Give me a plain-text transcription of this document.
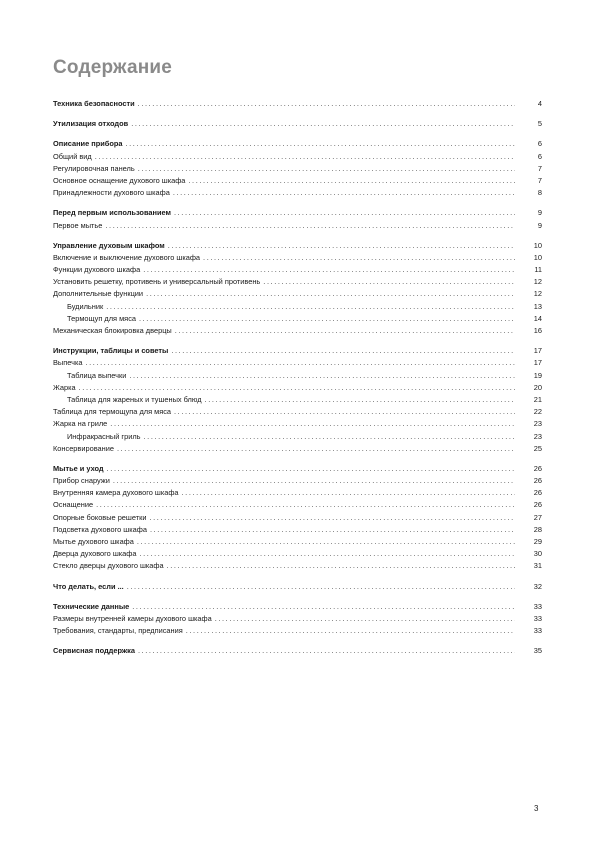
Содержание
Техника безопасности .....	4
Утилизация отходов .....	5
Описание прибора .....	6
Общий вид .....	6
Регулировочная панель .....	7
Основное оснащение духового шкафа .....	7
Принадлежности духового шкафа .....	8
Перед первым использованием .....	9
Первое мытье .....	9
Управление духовым шкафом .....	10
Включение и выключение духового шкафа .....	10
Функции духового шкафа .....	11
Установить решетку, противень и универсальный противень .....	12
Дополнительные функции .....	12
Будильник .....	13
Термощуп для мяса .....	14
Механическая блокировка дверцы .....	16
Инструкции, таблицы и советы .....	17
Выпечка .....	17
Таблица выпечки .....	19
Жарка .....	20
Таблица для жареных и тушеных блюд .....	21
Таблица для термощупа для мяса .....	22
Жарка на гриле .....	23
Инфракрасный гриль .....	23
Консервирование .....	25
Мытье и уход .....	26
Прибор снаружи .....	26
Внутренняя камера духового шкафа .....	26
Оснащение .....	26
Опорные боковые решетки .....	27
Подсветка духового шкафа .....	28
Мытье духового шкафа .....	29
Дверца духового шкафа .....	30
Стекло дверцы духового шкафа .....	31
Что делать, если ... .....	32
Технические данные .....	33
Размеры внутренней камеры духового шкафа .....	33
Требования, стандарты, предписания .....	33
Сервисная поддержка .....	35
3
